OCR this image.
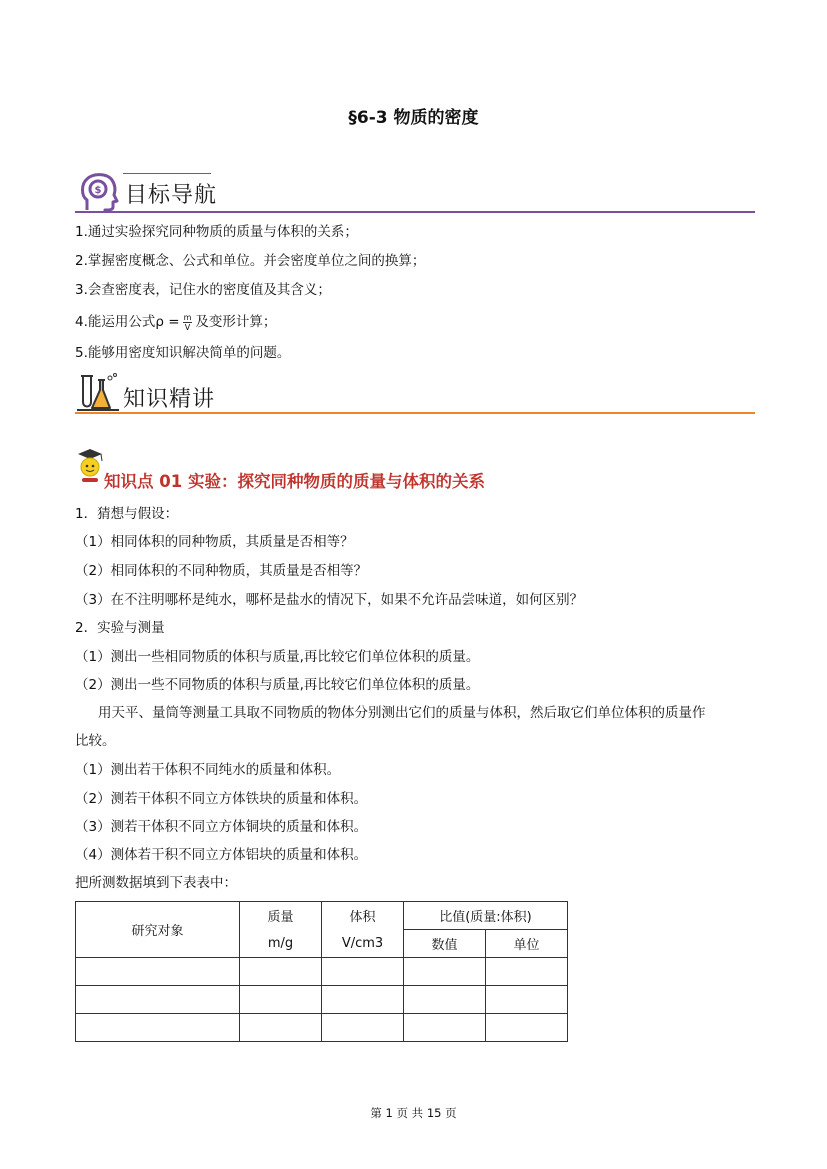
§6-3 物质的密度
$ 目标导航
1.通过实验探究同种物质的质量与体积的关系；
2.掌握密度概念、公式和单位。并会密度单位之间的换算；
3.会查密度表，记住水的密度值及其含义；
4.能运用公式$\rho = \frac{m}{V}$ 及变形计算；
5.能够用密度知识解决简单的问题。
知识精讲
知识点 01 实验：探究同种物质的质量与体积的关系
1．猜想与假设：
（1）相同体积的同种物质，其质量是否相等？
（2）相同体积的不同种物质，其质量是否相等？
（3）在不注明哪杯是纯水，哪杯是盐水的情况下，如果不允许品尝味道，如何区别？
2．实验与测量
（1）测出一些相同物质的体积与质量,再比较它们单位体积的质量。
（2）测出一些不同物质的体积与质量,再比较它们单位体积的质量。
用天平、量筒等测量工具取不同物质的物体分别测出它们的质量与体积，然后取它们单位体积的质量作
比较。
（1）测出若干体积不同纯水的质量和体积。
（2）测若干体积不同立方体铁块的质量和体积。
（3）测若干体积不同立方体铜块的质量和体积。
（4）测体若干积不同立方体铝块的质量和体积。
把所测数据填到下表表中：
研究对象	质量	体积	比值(质量:体积)	
	m/g	V/cm3	数值	单位

第 1 页 共 15 页
